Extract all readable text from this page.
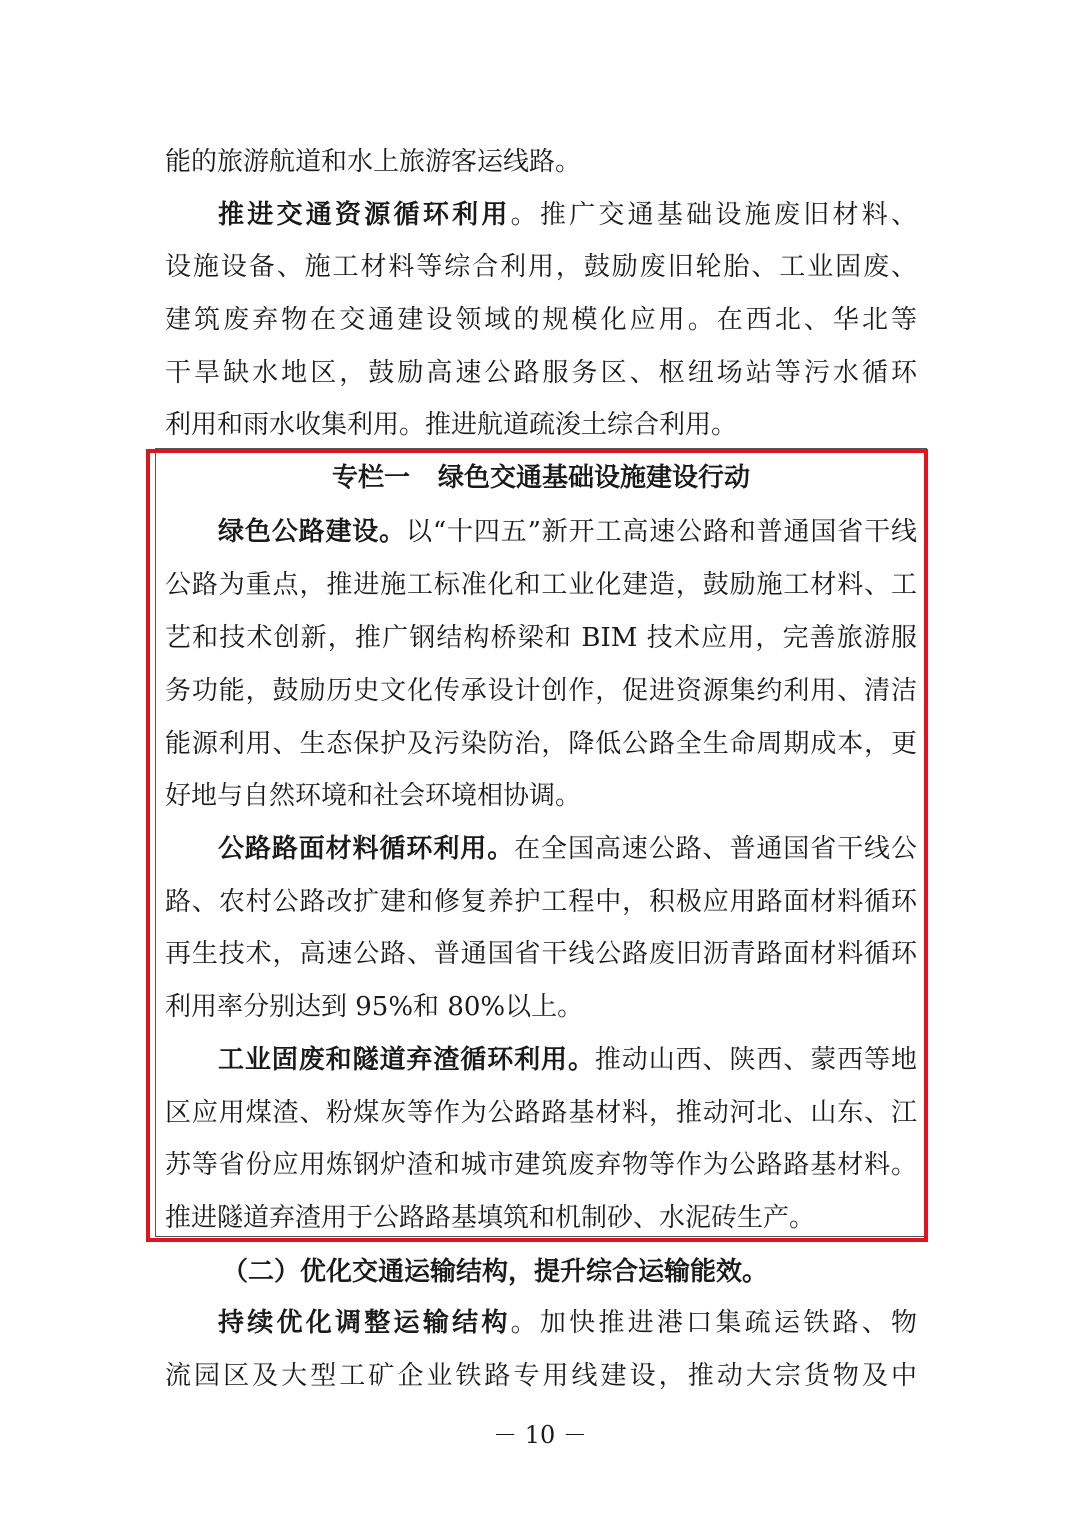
能的旅游航道和水上旅游客运线路。
推进交通资源循环利用。推广交通基础设施废旧材料、
设施设备、施工材料等综合利用，鼓励废旧轮胎、工业固废、
建筑废弃物在交通建设领域的规模化应用。在西北、华北等
干旱缺水地区，鼓励高速公路服务区、枢纽场站等污水循环
利用和雨水收集利用。推进航道疏浚土综合利用。
专栏一 绿色交通基础设施建设行动
绿色公路建设。以“十四五”新开工高速公路和普通国省干线
公路为重点，推进施工标准化和工业化建造，鼓励施工材料、工
艺和技术创新，推广钢结构桥梁和 BIM 技术应用，完善旅游服
务功能，鼓励历史文化传承设计创作，促进资源集约利用、清洁
能源利用、生态保护及污染防治，降低公路全生命周期成本，更
好地与自然环境和社会环境相协调。
公路路面材料循环利用。在全国高速公路、普通国省干线公
路、农村公路改扩建和修复养护工程中，积极应用路面材料循环
再生技术，高速公路、普通国省干线公路废旧沥青路面材料循环
利用率分别达到 95%和 80%以上。
工业固废和隧道弃渣循环利用。推动山西、陕西、蒙西等地
区应用煤渣、粉煤灰等作为公路路基材料，推动河北、山东、江
苏等省份应用炼钢炉渣和城市建筑废弃物等作为公路路基材料。
推进隧道弃渣用于公路路基填筑和机制砂、水泥砖生产。
（二）优化交通运输结构，提升综合运输能效。
持续优化调整运输结构。加快推进港口集疏运铁路、物
流园区及大型工矿企业铁路专用线建设，推动大宗货物及中
－ 10 －
